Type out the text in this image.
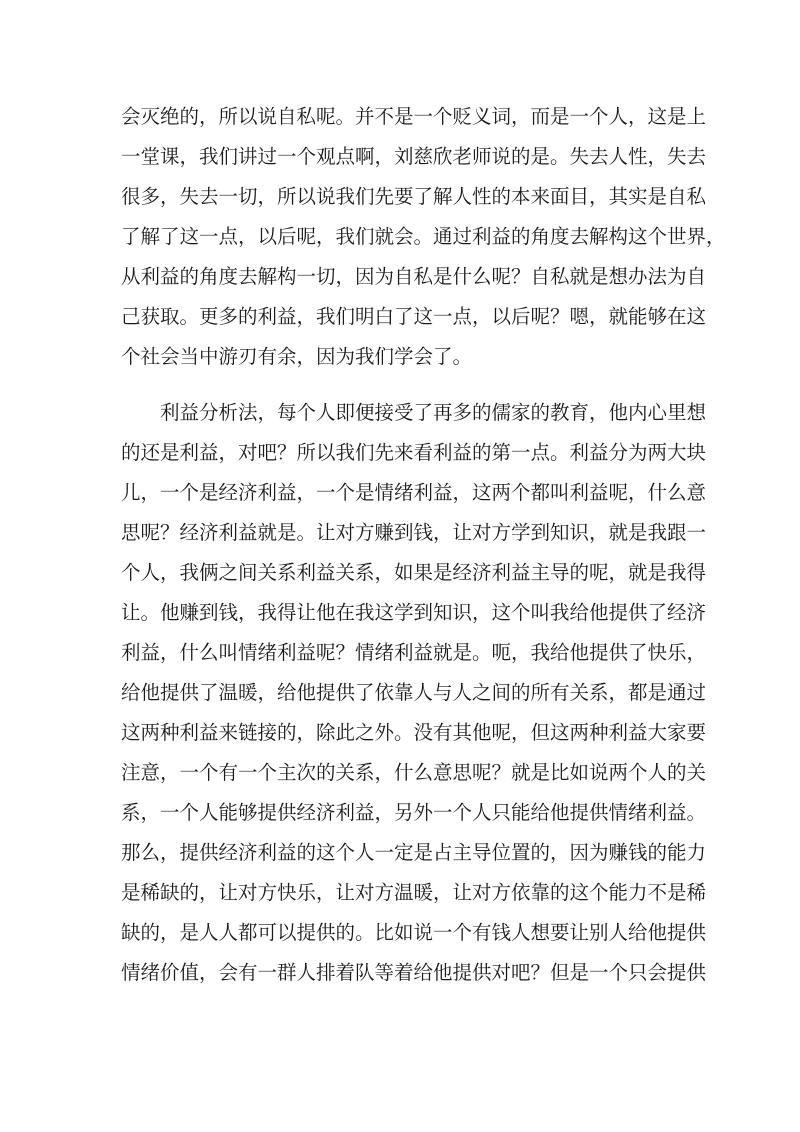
会灭绝的，所以说自私呢。并不是一个贬义词，而是一个人，这是上
一堂课，我们讲过一个观点啊，刘慈欣老师说的是。失去人性，失去
很多，失去一切，所以说我们先要了解人性的本来面目，其实是自私
了解了这一点，以后呢，我们就会。通过利益的角度去解构这个世界，
从利益的角度去解构一切，因为自私是什么呢？自私就是想办法为自
己获取。更多的利益，我们明白了这一点，以后呢？嗯，就能够在这
个社会当中游刃有余，因为我们学会了。
利益分析法，每个人即便接受了再多的儒家的教育，他内心里想
的还是利益，对吧？所以我们先来看利益的第一点。利益分为两大块
儿，一个是经济利益，一个是情绪利益，这两个都叫利益呢，什么意
思呢？经济利益就是。让对方赚到钱，让对方学到知识，就是我跟一
个人，我俩之间关系利益关系，如果是经济利益主导的呢，就是我得
让。他赚到钱，我得让他在我这学到知识，这个叫我给他提供了经济
利益，什么叫情绪利益呢？情绪利益就是。呃，我给他提供了快乐，
给他提供了温暖，给他提供了依靠人与人之间的所有关系，都是通过
这两种利益来链接的，除此之外。没有其他呢，但这两种利益大家要
注意，一个有一个主次的关系，什么意思呢？就是比如说两个人的关
系，一个人能够提供经济利益，另外一个人只能给他提供情绪利益。
那么，提供经济利益的这个人一定是占主导位置的，因为赚钱的能力
是稀缺的，让对方快乐，让对方温暖，让对方依靠的这个能力不是稀
缺的，是人人都可以提供的。比如说一个有钱人想要让别人给他提供
情绪价值，会有一群人排着队等着给他提供对吧？但是一个只会提供
